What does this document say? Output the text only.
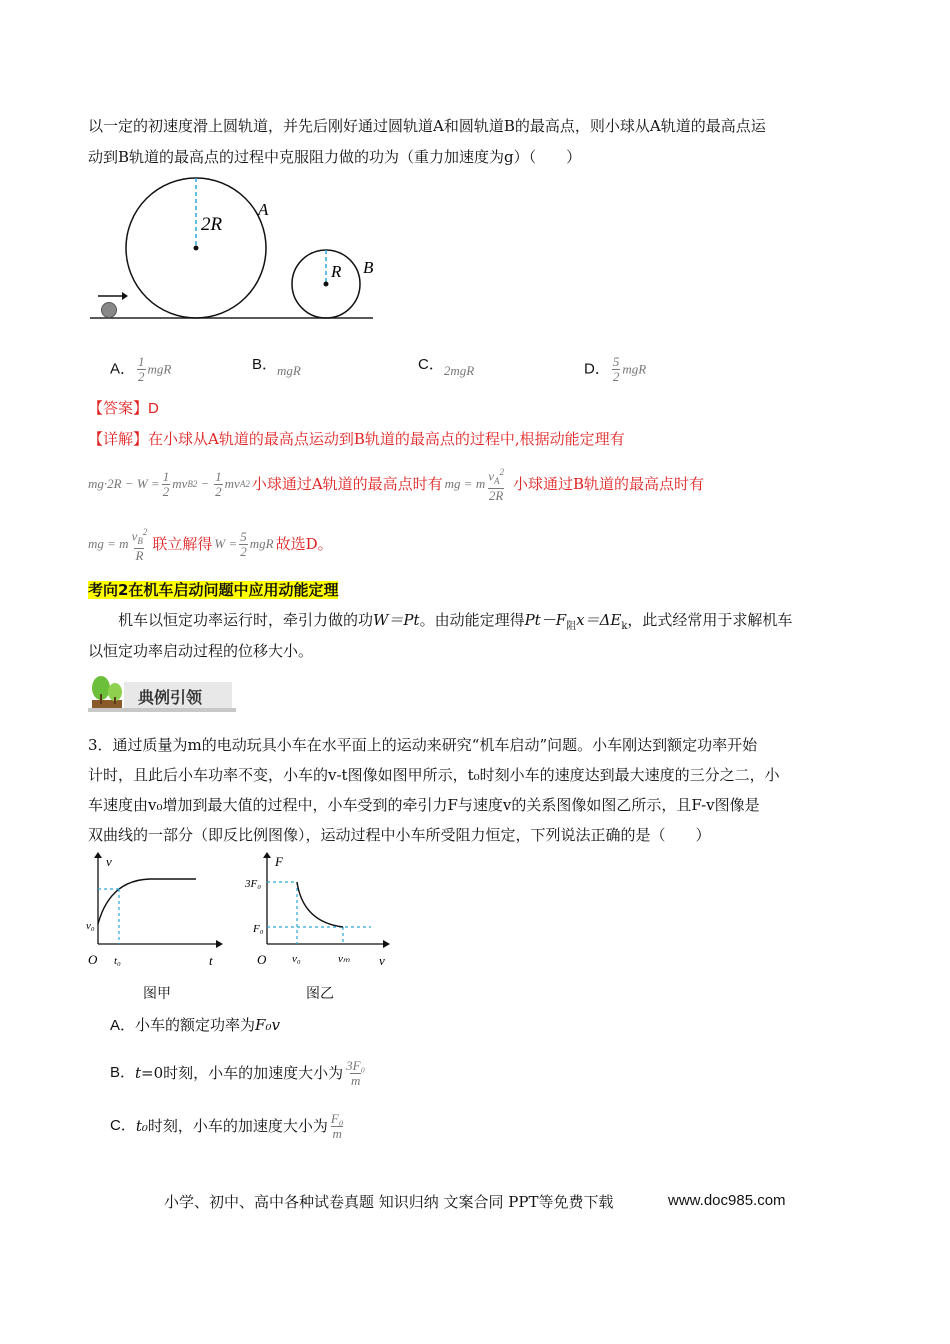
以一定的初速度滑上圆轨道，并先后刚好通过圆轨道A和圆轨道B的最高点，则小球从A轨道的最高点运
动到B轨道的最高点的过程中克服阻力做的功为（重力加速度为g）（　　）
2R
A
R B
A． $\frac{1}{2}$ mgR	B．mgR	C．2mgR	D． $\frac{5}{2}$ mgR
【答案】D
【详解】在小球从A轨道的最高点运动到B轨道的最高点的过程中,根据动能定理有
$mg\cdot 2R - W = \frac{1}{2}$ mv B $2 - \frac{1}{2}$ mv A 2 小球通过A轨道的最高点时有 mg = m $\frac{v_A^2}{2R}$ 小球通过B轨道的最高点时有
mg = m $\frac{v_B^2}{R}$ 联立解得 $W = \frac{5}{2}$ mgR 故选D。
考向2在机车启动问题中应用动能定理
机车以恒定功率运行时，牵引力做的功W＝Pt。由动能定理得$Pt-F_阻x=\Delta E_k$，此式经常用于求解机车
以恒定功率启动过程的位移大小。
典例引领
3．通过质量为m的电动玩具小车在水平面上的运动来研究“机车启动”问题。小车刚达到额定功率开始
计时，且此后小车功率不变，小车的v-t图像如图甲所示，t₀时刻小车的速度达到最大速度的三分之二，小
车速度由v₀增加到最大值的过程中，小车受到的牵引力F与速度v的关系图像如图乙所示，且F-v图像是
双曲线的一部分（即反比例图像），运动过程中小车所受阻力恒定，下列说法正确的是（　　）
v
t
O
v₀
t₀
图甲
F
v
O
3F₀
F₀
v₀	vₘ
图乙
A．小车的额定功率为F₀v
B． t =0时刻，小车的加速度大小为 $\frac{\text{3F₀}}{m}$
C． t₀ 时刻，小车的加速度大小为 $\frac{\text{F₀}}{m}$
小学、初中、高中各种试卷真题 知识归纳 文案合同 PPT等免费下载	www.doc985.com
